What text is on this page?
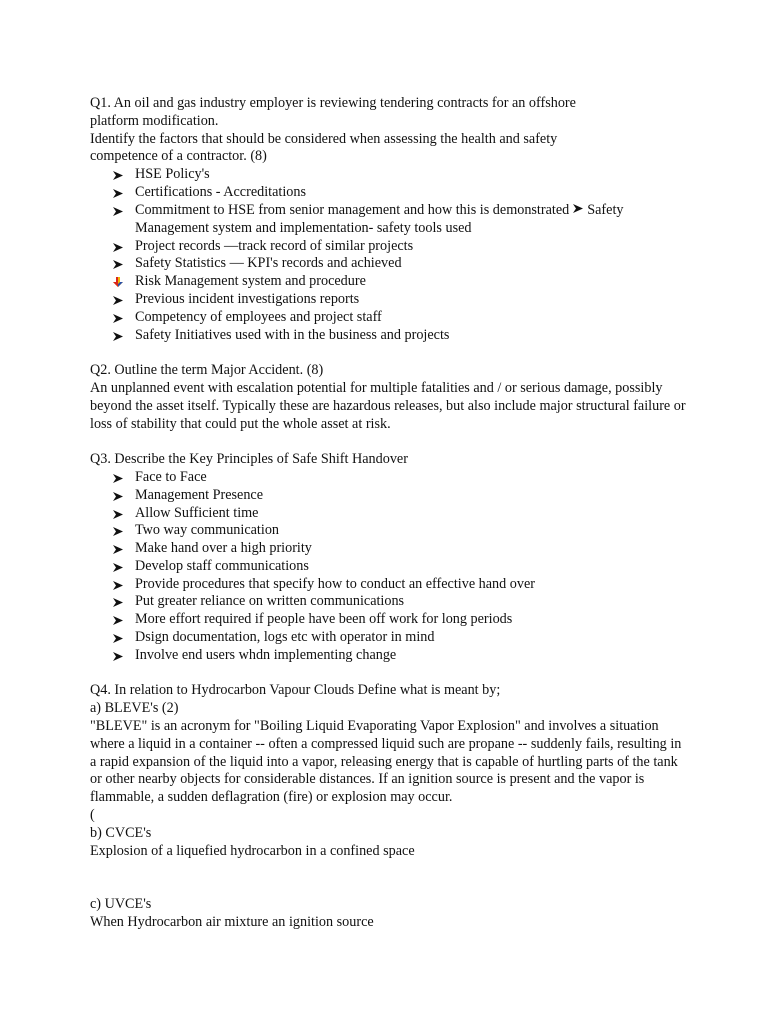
Q1. An oil and gas industry employer is reviewing tendering contracts for an offshore
platform modification.
Identify the factors that should be considered when assessing the health and safety
competence of a contractor. (8)
HSE Policy's
Certifications - Accreditations
Commitment to HSE from senior management and how this is demonstrated Safety
Management system and implementation- safety tools used
Project records —track record of similar projects
Safety Statistics — KPI's records and achieved
Risk Management system and procedure
Previous incident investigations reports
Competency of employees and project staff
Safety Initiatives used with in the business and projects
Q2. Outline the term Major Accident. (8)
An unplanned event with escalation potential for multiple fatalities and / or serious damage, possibly beyond the asset itself. Typically these are hazardous releases, but also include major structural failure or loss of stability that could put the whole asset at risk.
Q3. Describe the Key Principles of Safe Shift Handover
Face to Face
Management Presence
Allow Sufficient time
Two way communication
Make hand over a high priority
Develop staff communications
Provide procedures that specify how to conduct an effective hand over
Put greater reliance on written communications
More effort required if people have been off work for long periods
Dsign documentation, logs etc with operator in mind
Involve end users whdn implementing change
Q4. In relation to Hydrocarbon Vapour Clouds Define what is meant by;
a) BLEVE's (2)
"BLEVE" is an acronym for "Boiling Liquid Evaporating Vapor Explosion" and involves a situation where a liquid in a container -- often a compressed liquid such are propane -- suddenly fails, resulting in a rapid expansion of the liquid into a vapor, releasing energy that is capable of hurtling parts of the tank or other nearby objects for considerable distances. If an ignition source is present and the vapor is flammable, a sudden deflagration (fire) or explosion may occur.
(
b) CVCE's
Explosion of a liquefied hydrocarbon in a confined space
c) UVCE's
When Hydrocarbon air mixture an ignition source
